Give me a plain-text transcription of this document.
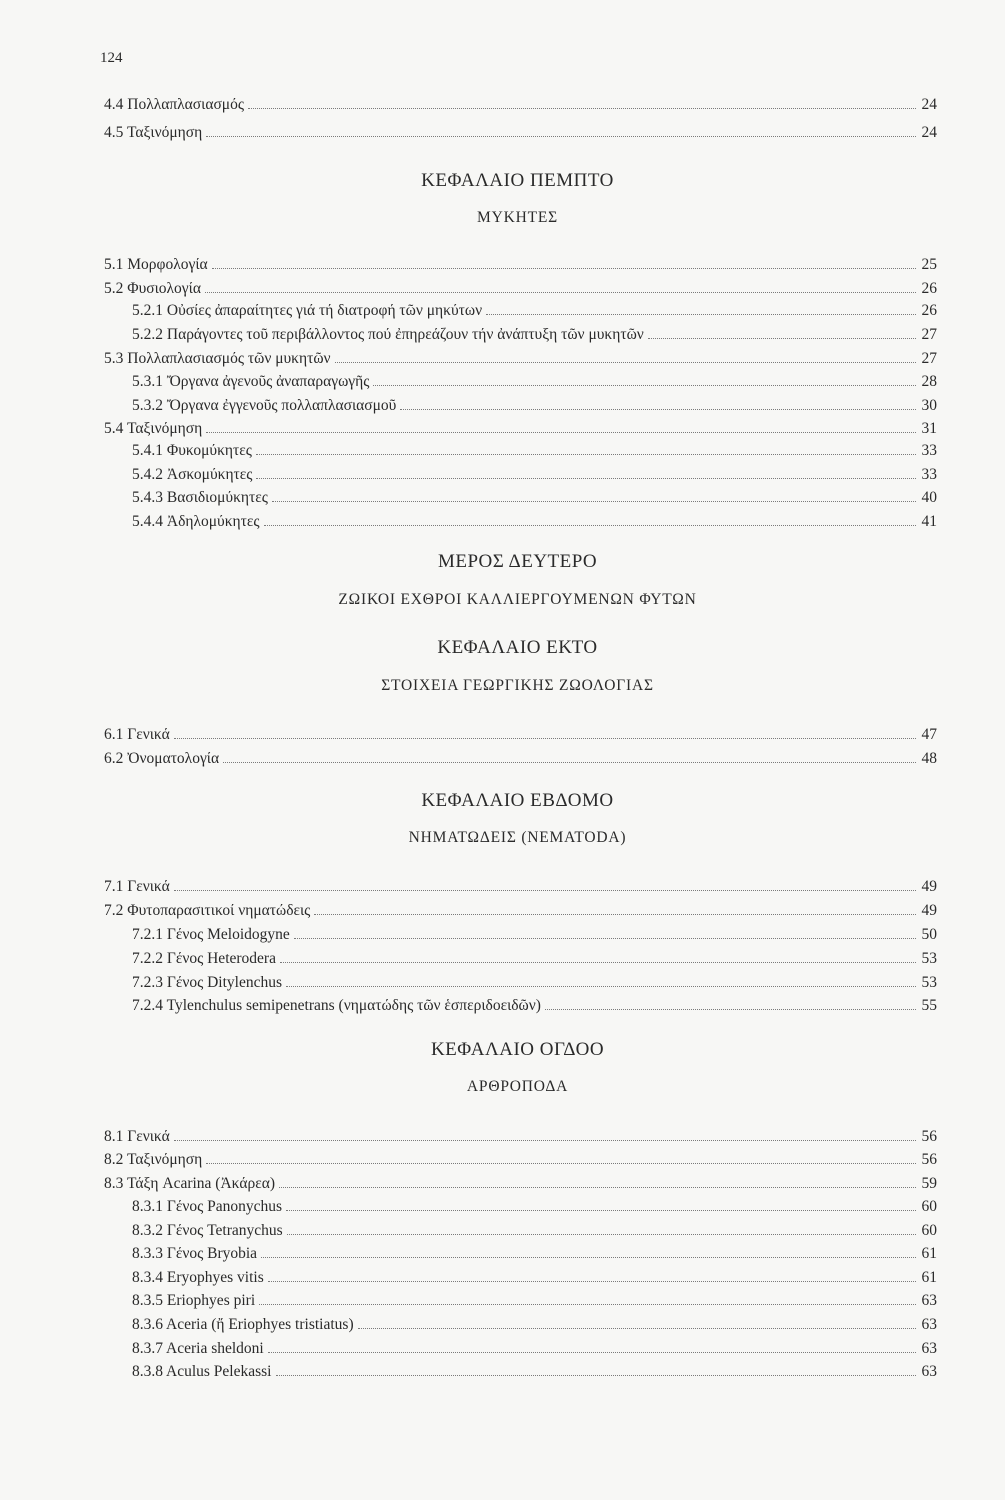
124
4.4 Πολλαπλασιασμός	24
4.5 Ταξινόμηση	24
ΚΕΦΑΛΑΙΟ ΠΕΜΠΤΟ
ΜΥΚΗΤΕΣ
5.1 Μορφολογία	25
5.2 Φυσιολογία	26
5.2.1 Οὐσίες ἀπαραίτητες γιά τή διατροφή τῶν μηκύτων	26
5.2.2 Παράγοντες τοῦ περιβάλλοντος πού ἐπηρεάζουν τήν ἀνάπτυξη τῶν μυκητῶν	27
5.3 Πολλαπλασιασμός τῶν μυκητῶν	27
5.3.1 Ὄργανα ἀγενοῦς ἀναπαραγωγῆς	28
5.3.2 Ὄργανα ἐγγενοῦς πολλαπλασιασμοῦ	30
5.4 Ταξινόμηση	31
5.4.1 Φυκομύκητες	33
5.4.2 Ἀσκομύκητες	33
5.4.3 Βασιδιομύκητες	40
5.4.4 Ἀδηλομύκητες	41
ΜΕΡΟΣ ΔΕΥΤΕΡΟ
ΖΩΙΚΟΙ ΕΧΘΡΟΙ ΚΑΛΛΙΕΡΓΟΥΜΕΝΩΝ ΦΥΤΩΝ
ΚΕΦΑΛΑΙΟ ΕΚΤΟ
ΣΤΟΙΧΕΙΑ ΓΕΩΡΓΙΚΗΣ ΖΩΟΛΟΓΙΑΣ
6.1 Γενικά	47
6.2 Ὀνοματολογία	48
ΚΕΦΑΛΑΙΟ ΕΒΔΟΜΟ
ΝΗΜΑΤΩΔΕΙΣ (NEMATODA)
7.1 Γενικά	49
7.2 Φυτοπαρασιτικοί νηματώδεις	49
7.2.1 Γένος Meloidogyne	50
7.2.2 Γένος Heterodera	53
7.2.3 Γένος Ditylenchus	53
7.2.4 Tylenchulus semipenetrans (νηματώδης τῶν ἑσπεριδοειδῶν)	55
ΚΕΦΑΛΑΙΟ ΟΓΔΟΟ
ΑΡΘΡΟΠΟΔΑ
8.1 Γενικά	56
8.2 Ταξινόμηση	56
8.3 Τάξη Acarina (Ἀκάρεα)	59
8.3.1 Γένος Panonychus	60
8.3.2 Γένος Tetranychus	60
8.3.3 Γένος Bryobia	61
8.3.4 Eryophyes vitis	61
8.3.5 Eriophyes piri	63
8.3.6 Aceria (ἤ Eriophyes tristiatus)	63
8.3.7 Aceria sheldoni	63
8.3.8 Aculus Pelekassi	63
